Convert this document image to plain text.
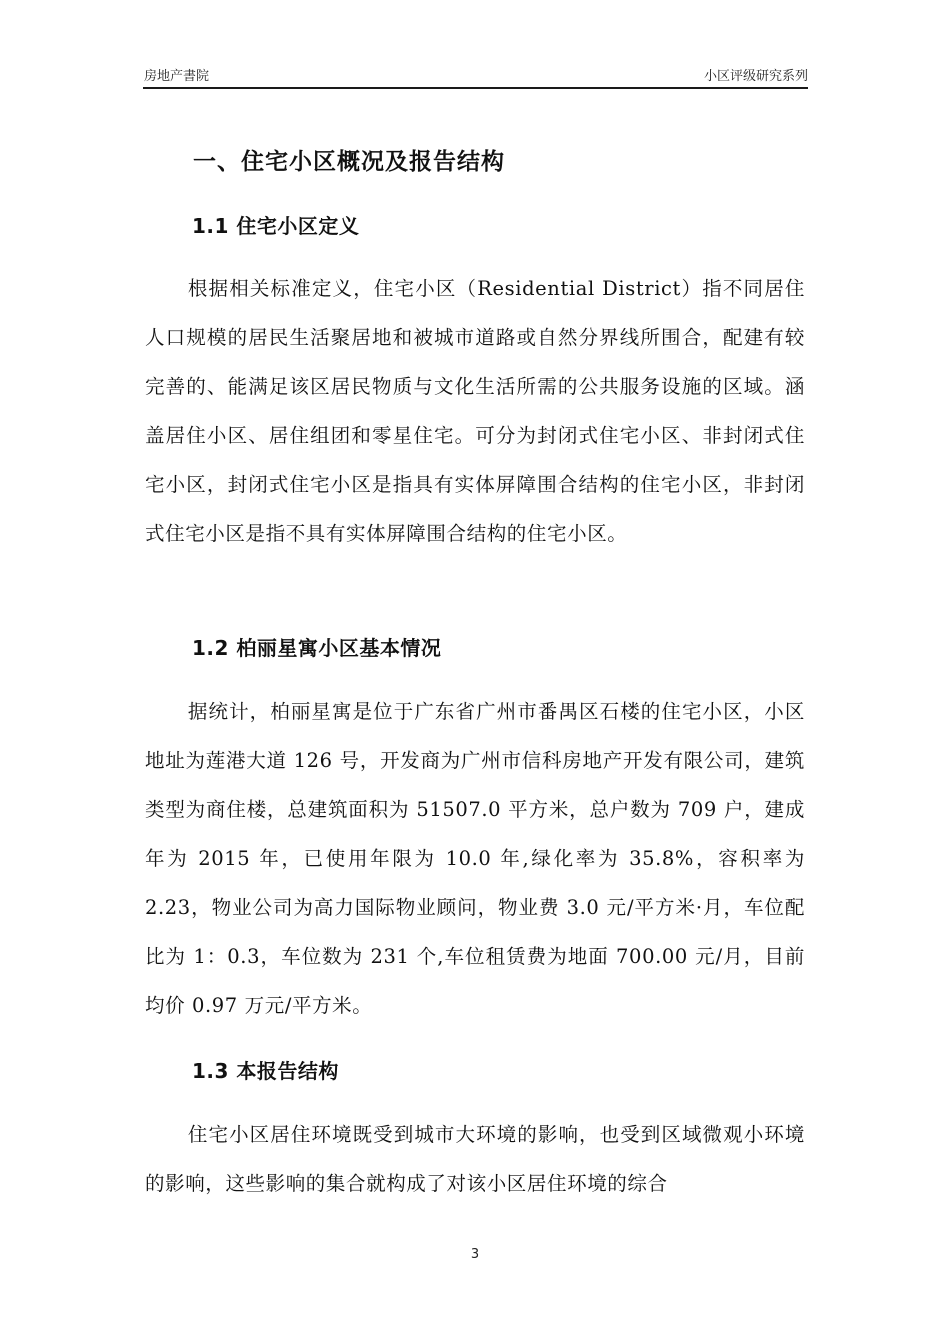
房地产書院	小区评级研究系列
一、住宅小区概况及报告结构
1.1 住宅小区定义

根据相关标准定义，住宅小区（Residential District）指不同居住人口规模的居民生活聚居地和被城市道路或自然分界线所围合，配建有较完善的、能满足该区居民物质与文化生活所需的公共服务设施的区域。涵盖居住小区、居住组团和零星住宅。可分为封闭式住宅小区、非封闭式住宅小区，封闭式住宅小区是指具有实体屏障围合结构的住宅小区，非封闭式住宅小区是指不具有实体屏障围合结构的住宅小区。

1.2 柏丽星寓小区基本情况

据统计，柏丽星寓是位于广东省广州市番禺区石楼的住宅小区，小区地址为莲港大道 126 号，开发商为广州市信科房地产开发有限公司，建筑类型为商住楼，总建筑面积为 51507.0 平方米，总户数为 709 户，建成年为 2015 年，已使用年限为 10.0 年,绿化率为 35.8%，容积率为 2.23，物业公司为高力国际物业顾问，物业费 3.0 元/平方米·月，车位配比为 1：0.3，车位数为 231 个,车位租赁费为地面 700.00 元/月，目前均价 0.97 万元/平方米。

1.3 本报告结构

住宅小区居住环境既受到城市大环境的影响，也受到区域微观小环境的影响，这些影响的集合就构成了对该小区居住环境的综合

3
